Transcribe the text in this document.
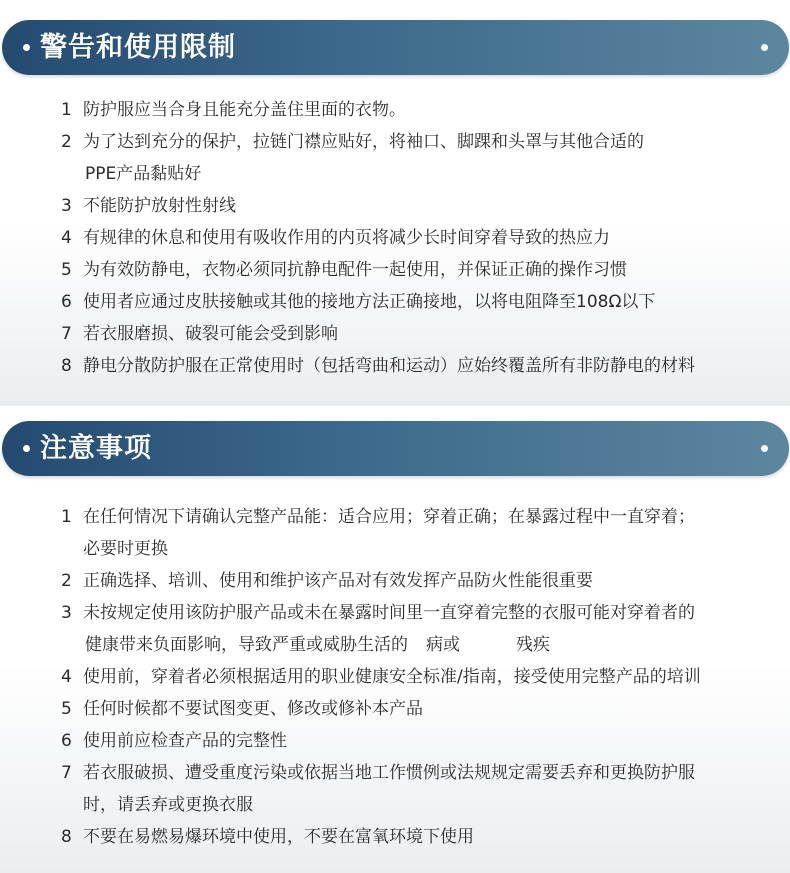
警告和使用限制
1 防护服应当合身且能充分盖住里面的衣物。
2 为了达到充分的保护，拉链门襟应贴好，将袖口、脚踝和头罩与其他合适的
PPE产品黏贴好
3 不能防护放射性射线
4 有规律的休息和使用有吸收作用的内页将减少长时间穿着导致的热应力
5 为有效防静电，衣物必须同抗静电配件一起使用，并保证正确的操作习惯
6 使用者应通过皮肤接触或其他的接地方法正确接地，以将电阻降至108Ω以下
7 若衣服磨损、破裂可能会受到影响
8 静电分散防护服在正常使用时（包括弯曲和运动）应始终覆盖所有非防静电的材料
注意事项
1 在任何情况下请确认完整产品能：适合应用；穿着正确；在暴露过程中一直穿着；
必要时更换
2 正确选择、培训、使用和维护该产品对有效发挥产品防火性能很重要
3 未按规定使用该防护服产品或未在暴露时间里一直穿着完整的衣服可能对穿着者的
健康带来负面影响，导致严重或威胁生活的 病或	残疾
4 使用前，穿着者必须根据适用的职业健康安全标准/指南，接受使用完整产品的培训
5 任何时候都不要试图变更、修改或修补本产品
6 使用前应检查产品的完整性
7 若衣服破损、遭受重度污染或依据当地工作惯例或法规规定需要丢弃和更换防护服
时，请丢弃或更换衣服
8 不要在易燃易爆环境中使用，不要在富氧环境下使用
